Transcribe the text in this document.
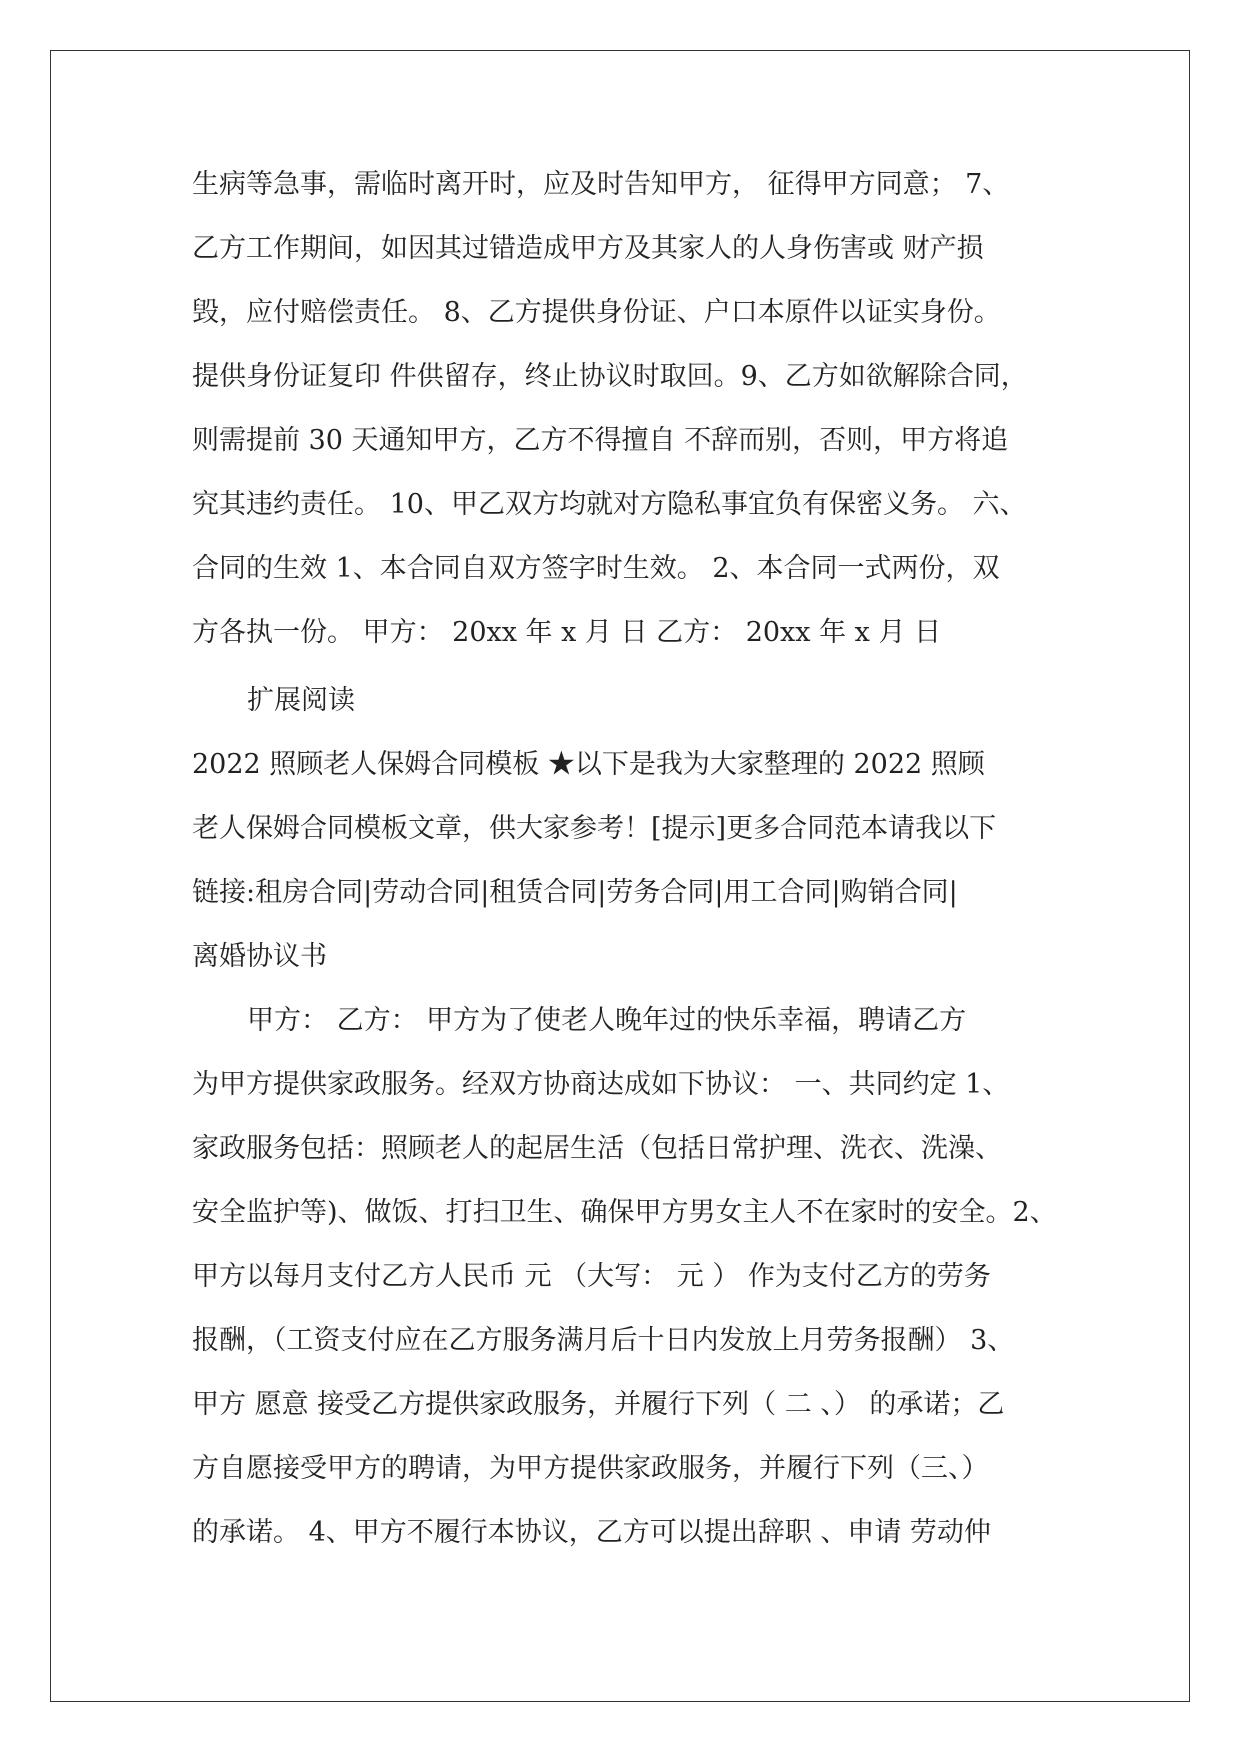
生病等急事，需临时离开时，应及时告知甲方， 征得甲方同意； 7、

乙方工作期间，如因其过错造成甲方及其家人的人身伤害或 财产损

毁，应付赔偿责任。 8、乙方提供身份证、户口本原件以证实身份。

提供身份证复印 件供留存，终止协议时取回。9、乙方如欲解除合同，

则需提前 30 天通知甲方，乙方不得擅自 不辞而别，否则，甲方将追

究其违约责任。 10、甲乙双方均就对方隐私事宜负有保密义务。 六、

合同的生效 1、本合同自双方签字时生效。 2、本合同一式两份，双

方各执一份。 甲方： 20xx 年 x 月 日 乙方： 20xx 年 x 月 日

扩展阅读

2022 照顾老人保姆合同模板 ★以下是我为大家整理的 2022 照顾

老人保姆合同模板文章，供大家参考！[提示]更多合同范本请我以下

链接:租房合同|劳动合同|租赁合同|劳务合同|用工合同|购销合同|

离婚协议书

甲方： 乙方： 甲方为了使老人晚年过的快乐幸福，聘请乙方

为甲方提供家政服务。经双方协商达成如下协议： 一、共同约定 1、

家政服务包括：照顾老人的起居生活（包括日常护理、洗衣、洗澡、

安全监护等)、做饭、打扫卫生、确保甲方男女主人不在家时的安全。2、

甲方以每月支付乙方人民币 元 （大写： 元 ） 作为支付乙方的劳务

报酬，（工资支付应在乙方服务满月后十日内发放上月劳务报酬） 3、

甲方 愿意 接受乙方提供家政服务，并履行下列（ 二 、） 的承诺；乙

方自愿接受甲方的聘请，为甲方提供家政服务，并履行下列（三、）

的承诺。 4、甲方不履行本协议，乙方可以提出辞职 、申请 劳动仲
